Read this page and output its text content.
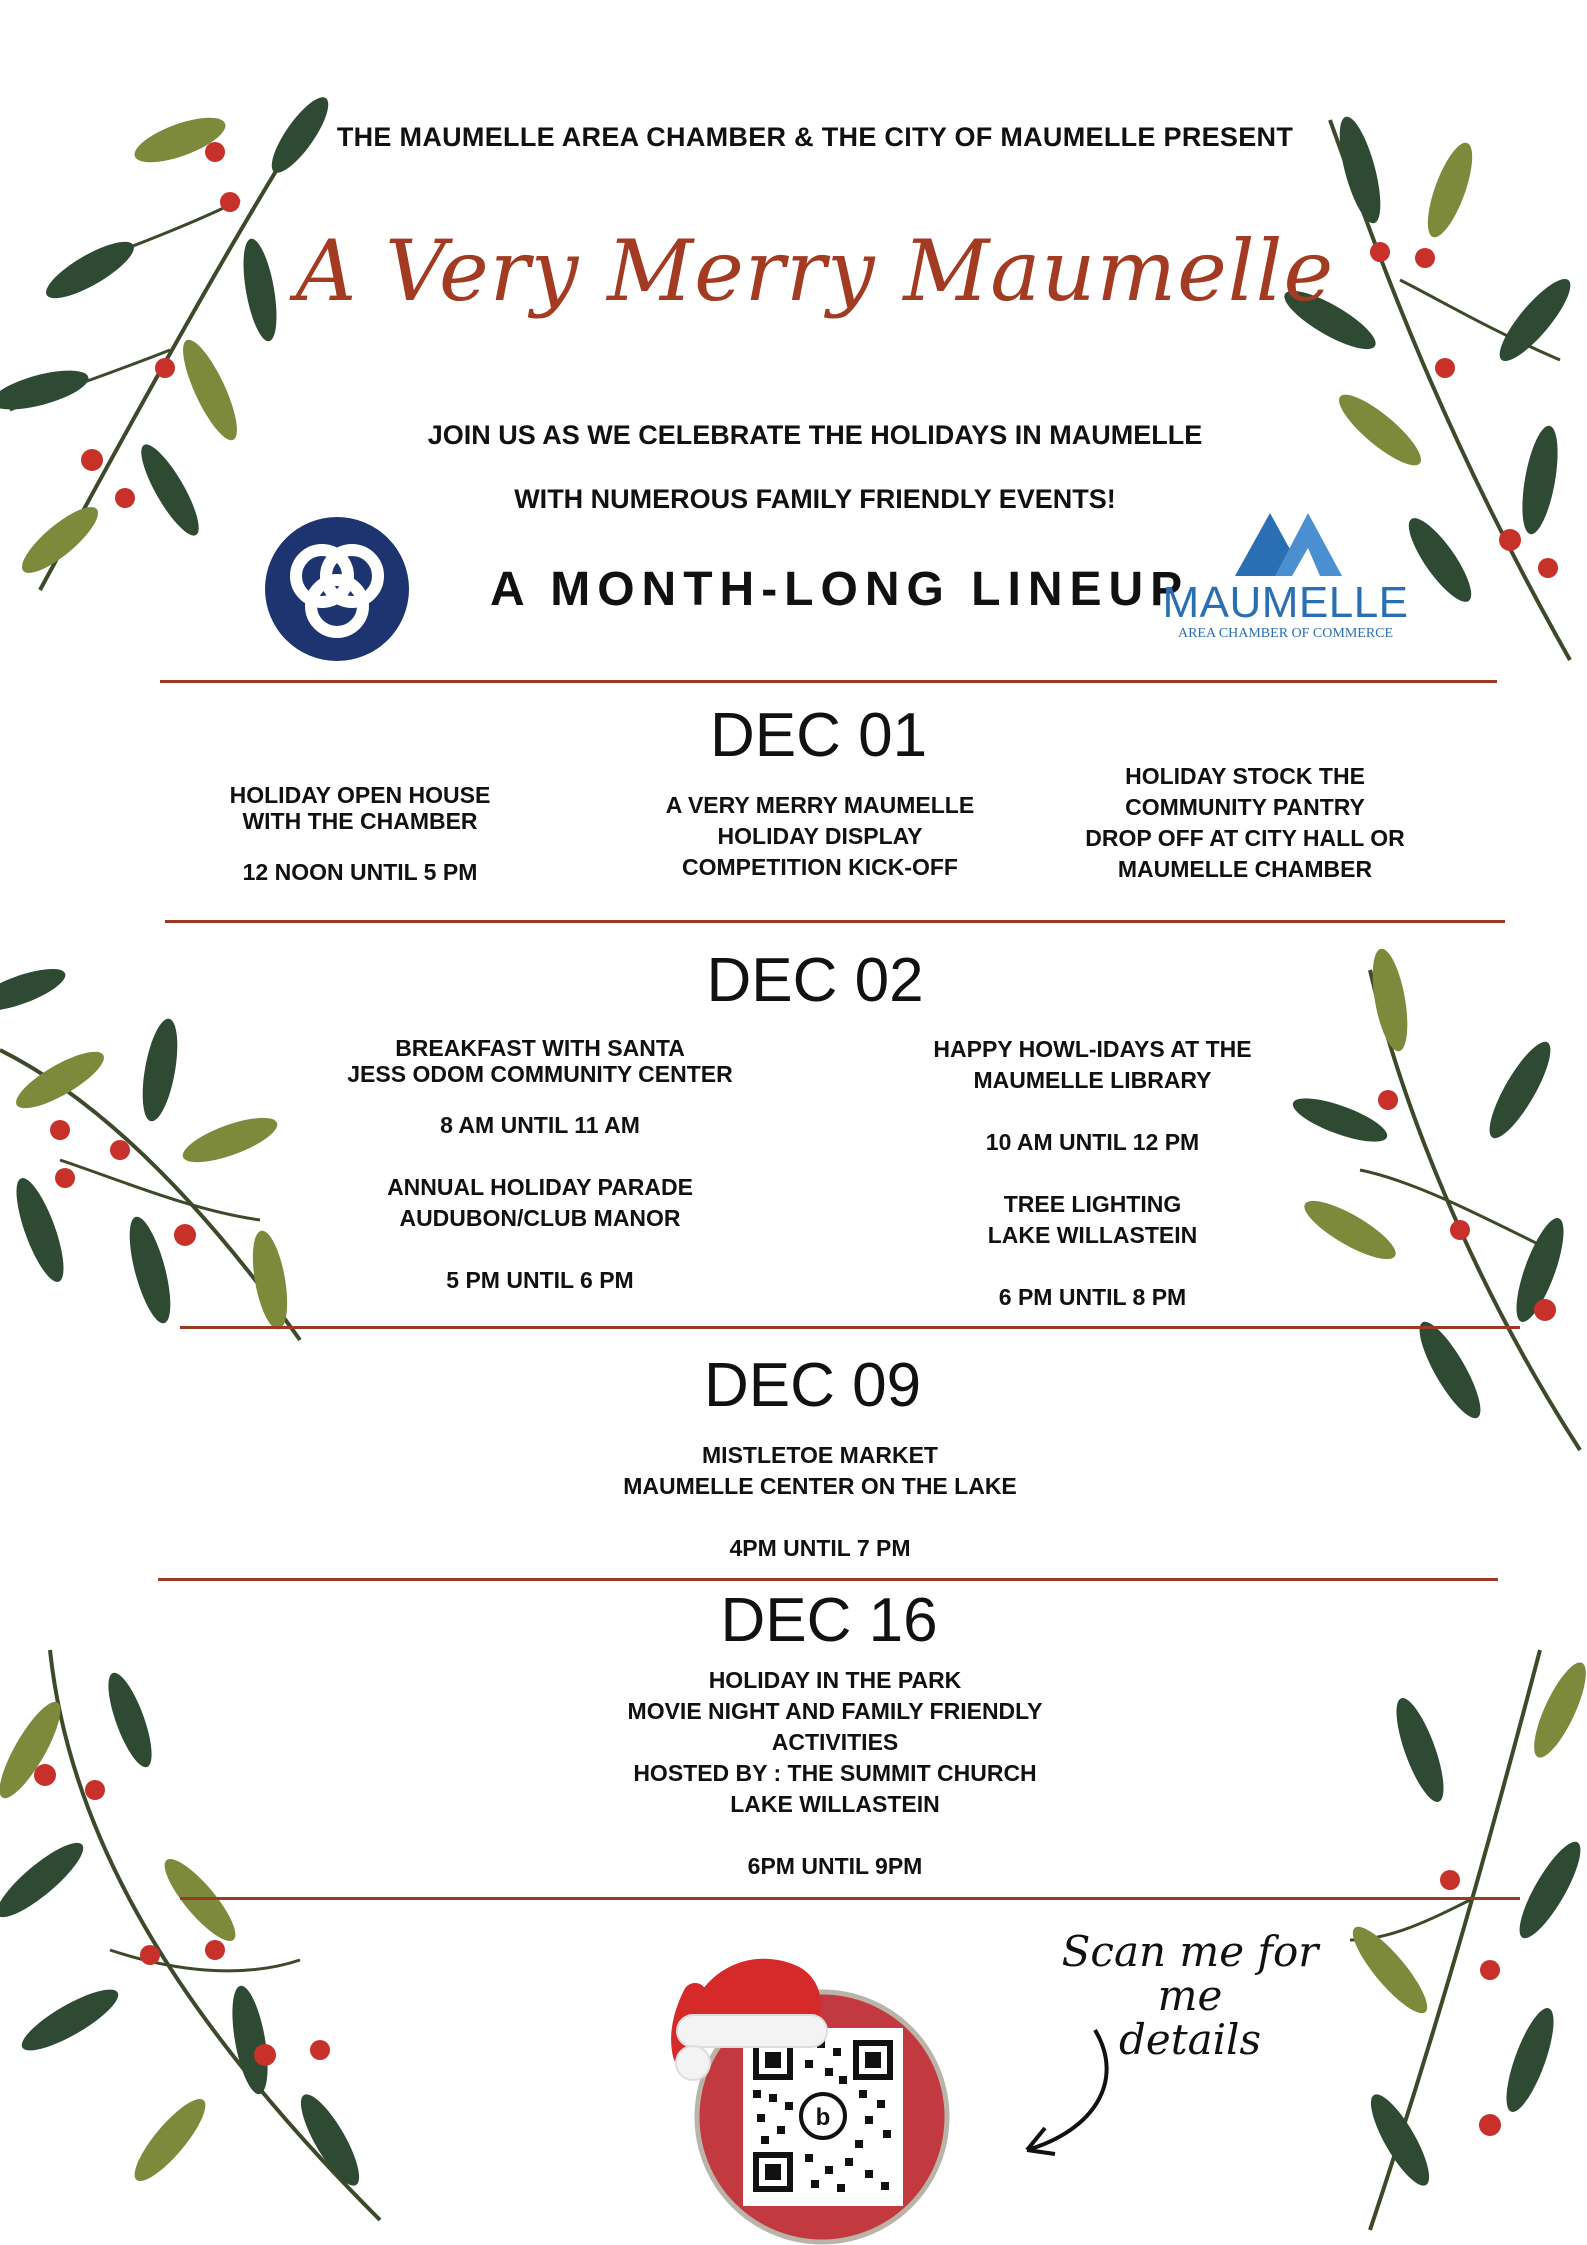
THE MAUMELLE AREA CHAMBER & THE CITY OF MAUMELLE PRESENT
A Very Merry Maumelle
JOIN US AS WE CELEBRATE THE HOLIDAYS IN MAUMELLE
WITH NUMEROUS FAMILY FRIENDLY EVENTS!
A MONTH-LONG LINEUP
MAUMELLE
AREA CHAMBER OF COMMERCE
DEC 01
HOLIDAY OPEN HOUSE
WITH THE CHAMBER
12 NOON UNTIL 5 PM
A VERY MERRY MAUMELLE
HOLIDAY DISPLAY
COMPETITION KICK-OFF
HOLIDAY STOCK THE
COMMUNITY PANTRY
DROP OFF AT CITY HALL OR
MAUMELLE CHAMBER
DEC 02
BREAKFAST WITH SANTA
JESS ODOM COMMUNITY CENTER
8 AM UNTIL 11 AM
ANNUAL HOLIDAY PARADE
AUDUBON/CLUB MANOR
5 PM UNTIL 6 PM
HAPPY HOWL-IDAYS AT THE
MAUMELLE LIBRARY
10 AM UNTIL 12 PM
TREE LIGHTING
LAKE WILLASTEIN
6 PM UNTIL 8 PM
DEC 09
MISTLETOE MARKET
MAUMELLE CENTER ON THE LAKE
4PM UNTIL 7 PM
DEC 16
HOLIDAY IN THE PARK
MOVIE NIGHT AND FAMILY FRIENDLY
ACTIVITIES
HOSTED BY : THE SUMMIT CHURCH
LAKE WILLASTEIN
6PM UNTIL 9PM
b
Scan me for me
details
